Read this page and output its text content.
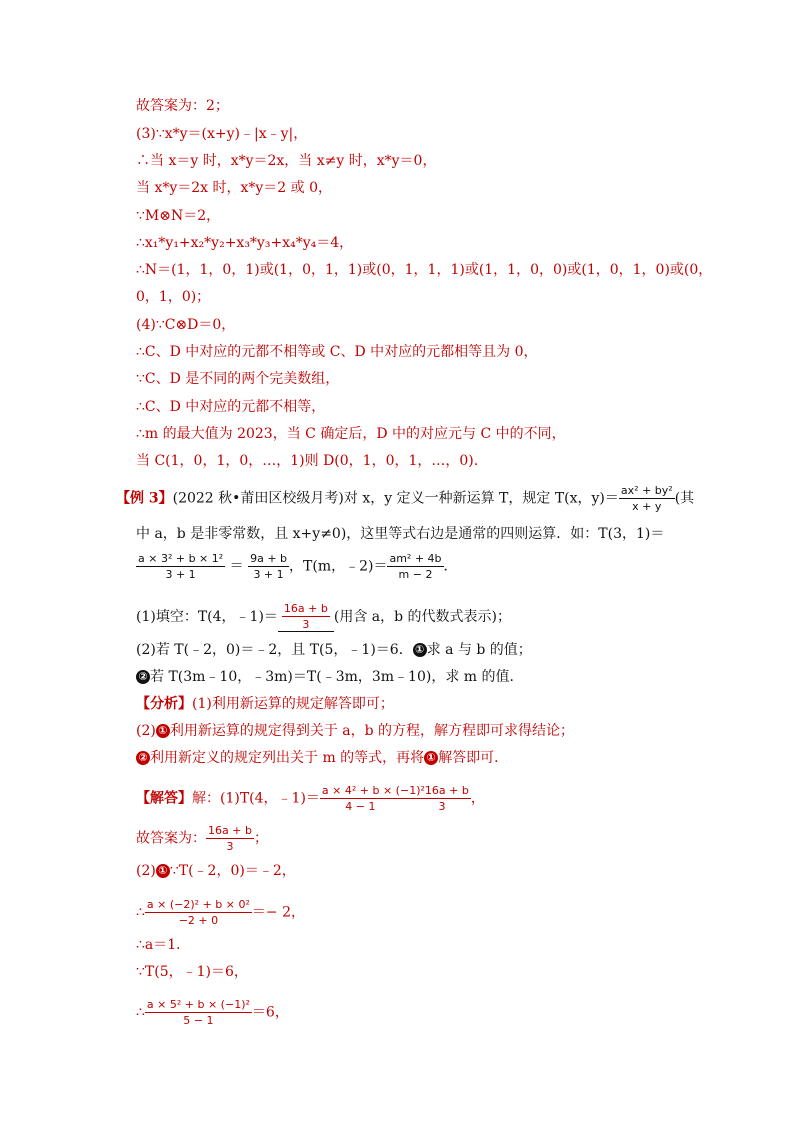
故答案为：2；
(3)∵x*y＝(x+y)﹣|x﹣y|，
∴当 x＝y 时，x*y＝2x，当 x≠y 时，x*y＝0，
当 x*y＝2x 时，x*y＝2 或 0，
∵M⊗N＝2，
∴x₁*y₁+x₂*y₂+x₃*y₃+x₄*y₄＝4，
∴N＝(1，1，0，1)或(1，0，1，1)或(0，1，1，1)或(1，1，0，0)或(1，0，1，0)或(0，
0，1，0)；
(4)∵C⊗D＝0，
∴C、D 中对应的元都不相等或 C、D 中对应的元都相等且为 0，
∵C、D 是不同的两个完美数组，
∴C、D 中对应的元都不相等，
∴m 的最大值为 2023，当 C 确定后，D 中的对应元与 C 中的不同，
当 C(1，0，1，0，…，1)则 D(0，1，0，1，…，0).
【例 3】(2022 秋•莆田区校级月考)对 x，y 定义一种新运算 T，规定 T(x，$y)= \frac{\text{ax² + by²}}{x + y}$ (其
中 a，b 是非零常数，且 x+y≠0)，这里等式右边是通常的四则运算．如：T(3，1)＝
$\frac{\text{a × 3² + b × 1²}}{3 + 1} = \frac{9a + b}{3 + 1}$ ，T(m，﹣2)＝ $\frac{\text{am² + 4b}}{m - 2}$ ．
(1)填空：T(4，﹣1)＝ $\frac{16a + b}{3}$ (用含 a，b 的代数式表示)；
(2)若 T(﹣2，0)＝﹣2，且 T(5，﹣1)＝6． ① 求 a 与 b 的值；
② 若 T(3m﹣10，﹣3m)＝T(﹣3m，3m﹣10)，求 m 的值．
【分析】(1)利用新运算的规定解答即可；
(2) ① 利用新运算的规定得到关于 a，b 的方程，解方程即可求得结论；
② 利用新定义的规定列出关于 m 的等式，再将 ① 解答即可．
【解答】解：(1)T(4，﹣1)＝ $\frac{\text{a × 4² + b × (−1)²16a + b}}{4 - 1 3}$ ，
故答案为： $\frac{16a + b}{3}$ ；
(2) ① ∵T(﹣2，0)＝﹣2，
∴ $\frac{\text{a × (−2)² + b × 0²}}{-2 + 0} =- 2$，
∴a＝1．
∵T(5，﹣1)＝6，
∴ $\frac{\text{a × 5² + b × (−1)²}}{5 - 1} =6$，
